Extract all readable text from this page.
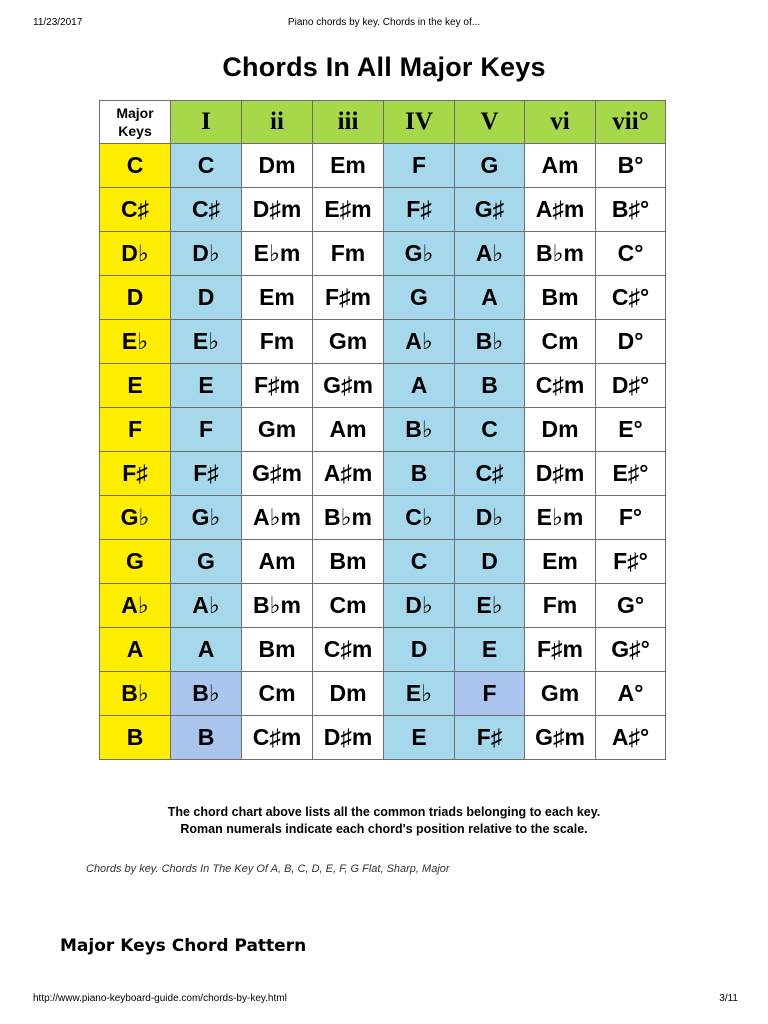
11/23/2017	Piano chords by key. Chords in the key of...
Chords In All Major Keys
Major
Keys	I	ii	iii	IV	V	vi	vii°
C	C	Dm	Em	F	G	Am	B°
C♯	C♯	D♯m	E♯m	F♯	G♯	A♯m	B♯°
D♭	D♭	E♭m	Fm	G♭	A♭	B♭m	C°
D	D	Em	F♯m	G	A	Bm	C♯°
E♭	E♭	Fm	Gm	A♭	B♭	Cm	D°
E	E	F♯m	G♯m	A	B	C♯m	D♯°
F	F	Gm	Am	B♭	C	Dm	E°
F♯	F♯	G♯m	A♯m	B	C♯	D♯m	E♯°
G♭	G♭	A♭m	B♭m	C♭	D♭	E♭m	F°
G	G	Am	Bm	C	D	Em	F♯°
A♭	A♭	B♭m	Cm	D♭	E♭	Fm	G°
A	A	Bm	C♯m	D	E	F♯m	G♯°
B♭	B♭	Cm	Dm	E♭	F	Gm	A°
B	B	C♯m	D♯m	E	F♯	G♯m	A♯°
The chord chart above lists all the common triads belonging to each key.
Roman numerals indicate each chord's position relative to the scale.
Chords by key. Chords In The Key Of A, B, C, D, E, F, G Flat, Sharp, Major
Major Keys Chord Pattern
http://www.piano-keyboard-guide.com/chords-by-key.html	3/11
